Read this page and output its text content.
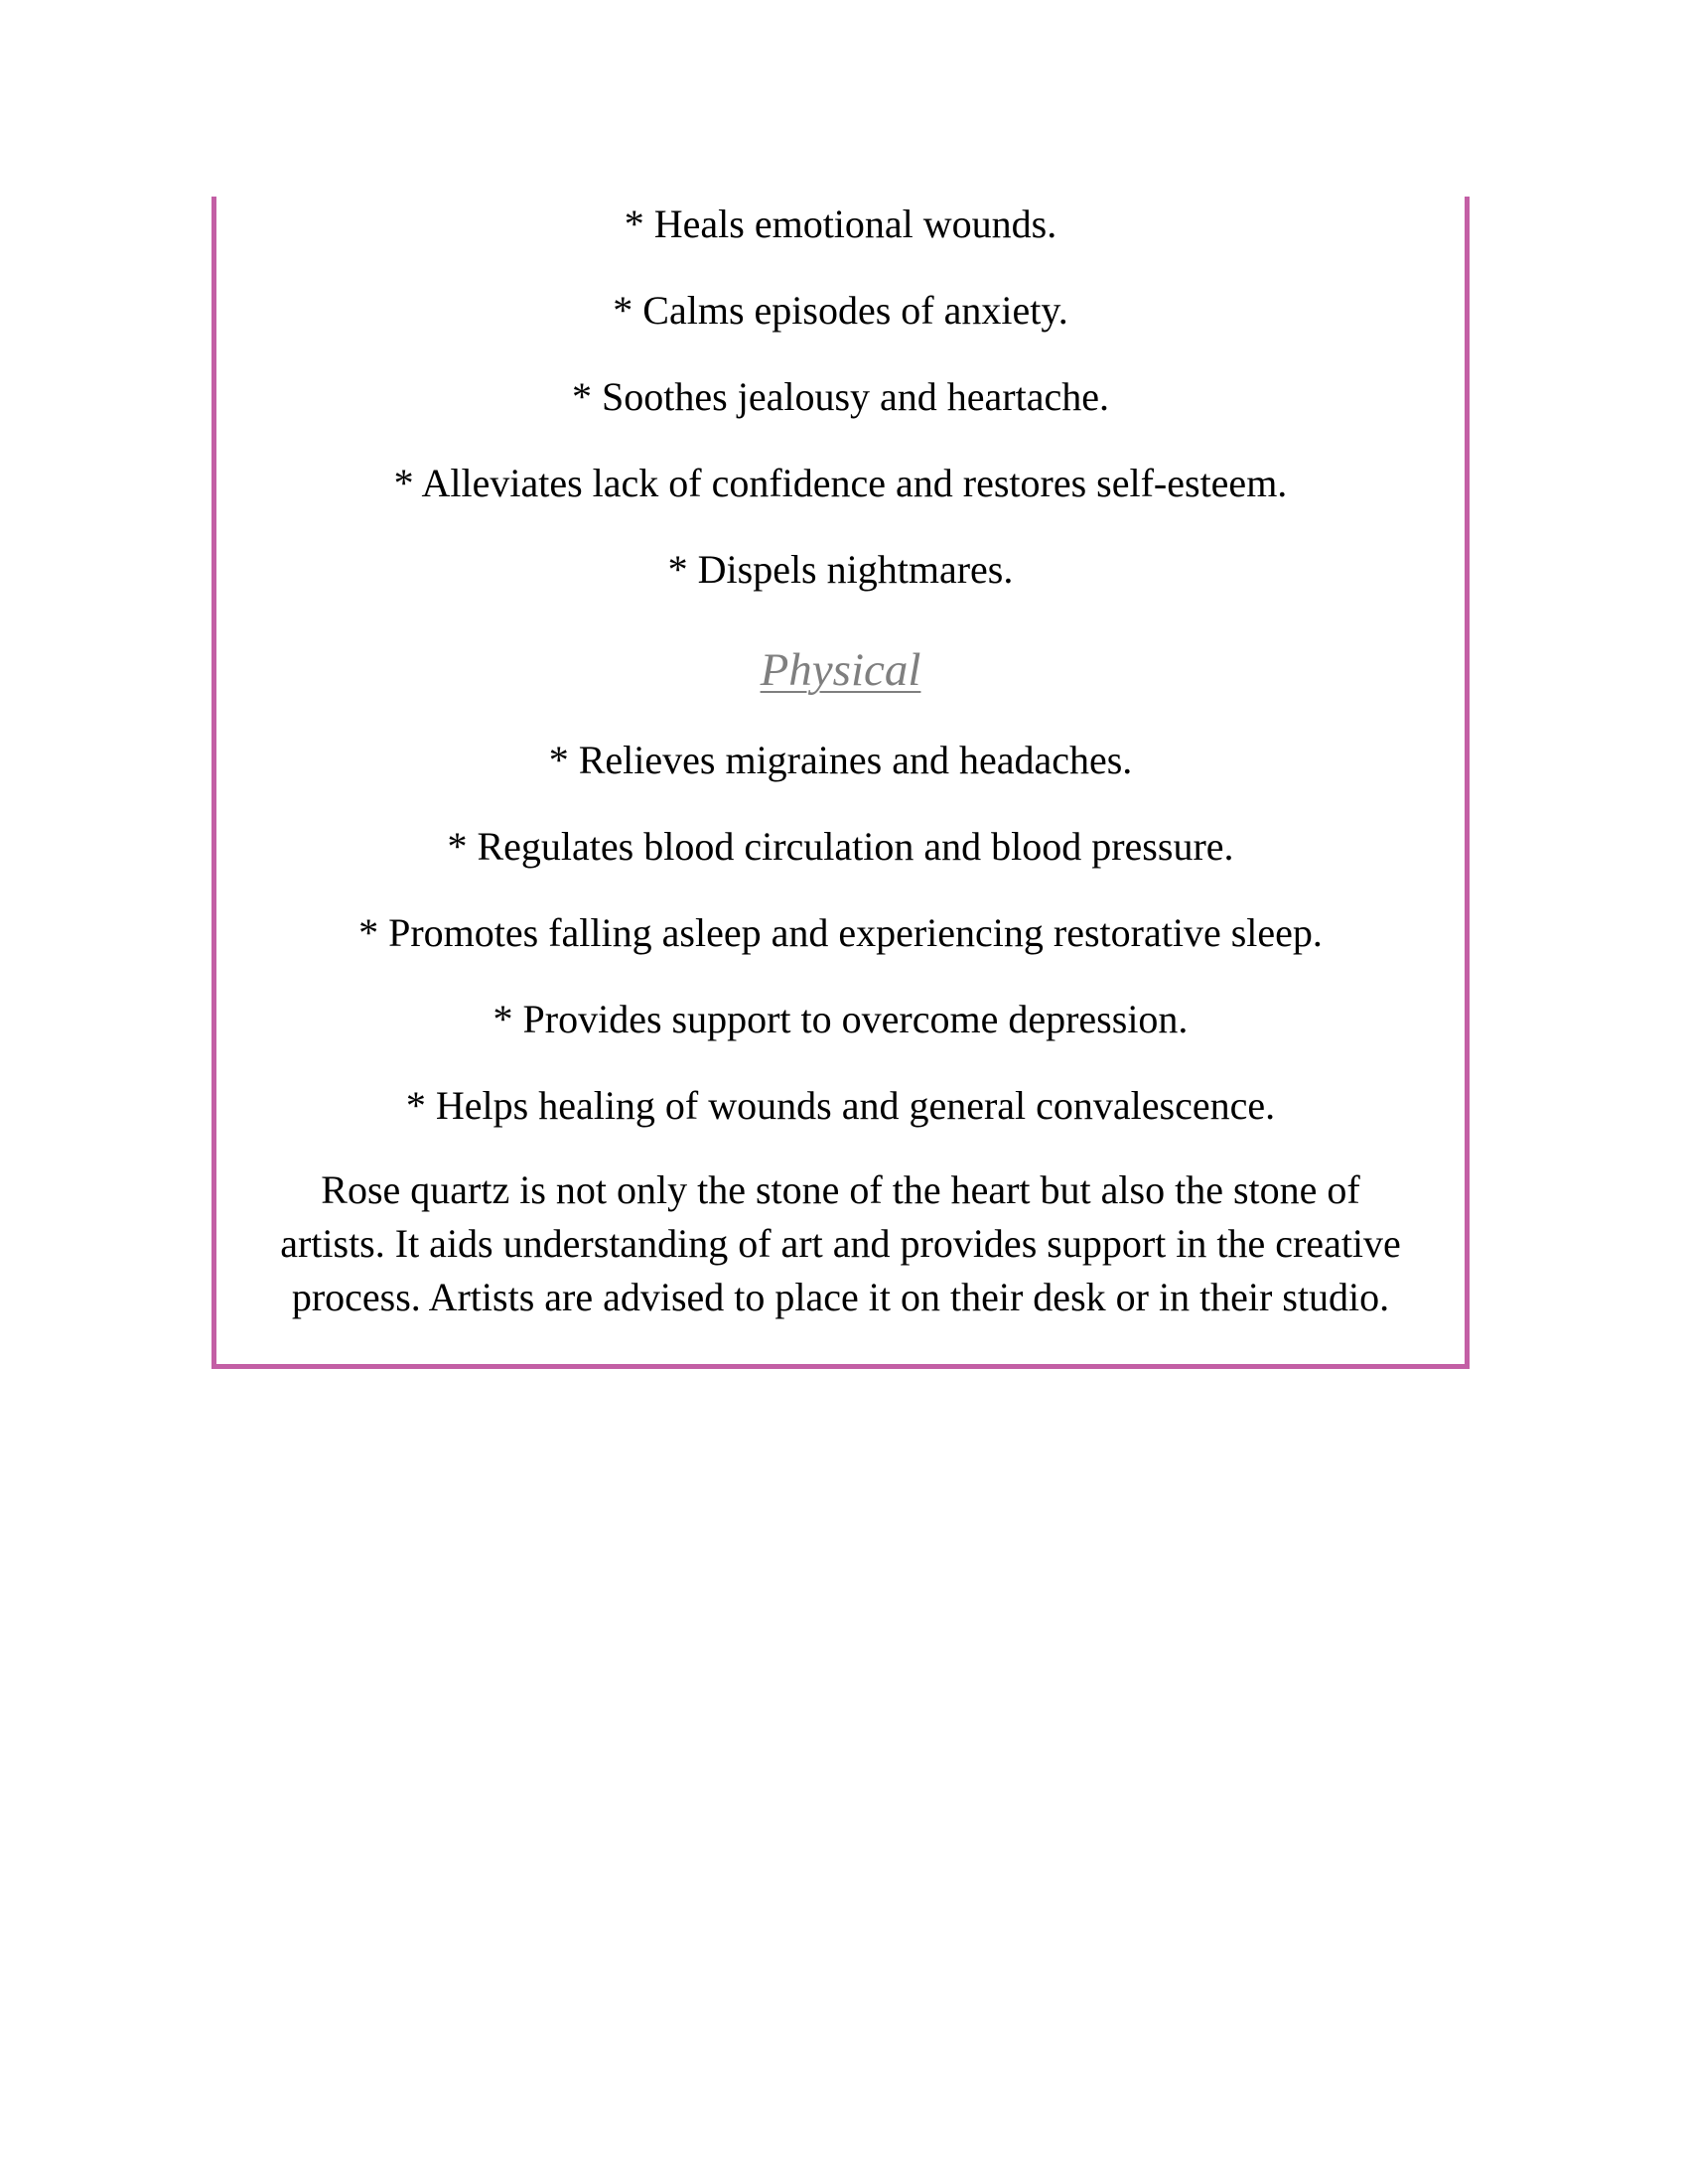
* Heals emotional wounds.
* Calms episodes of anxiety.
* Soothes jealousy and heartache.
* Alleviates lack of confidence and restores self-esteem.
* Dispels nightmares.
Physical
* Relieves migraines and headaches.
* Regulates blood circulation and blood pressure.
* Promotes falling asleep and experiencing restorative sleep.
* Provides support to overcome depression.
* Helps healing of wounds and general convalescence.
Rose quartz is not only the stone of the heart but also the stone of
artists. It aids understanding of art and provides support in the creative
process. Artists are advised to place it on their desk or in their studio.
